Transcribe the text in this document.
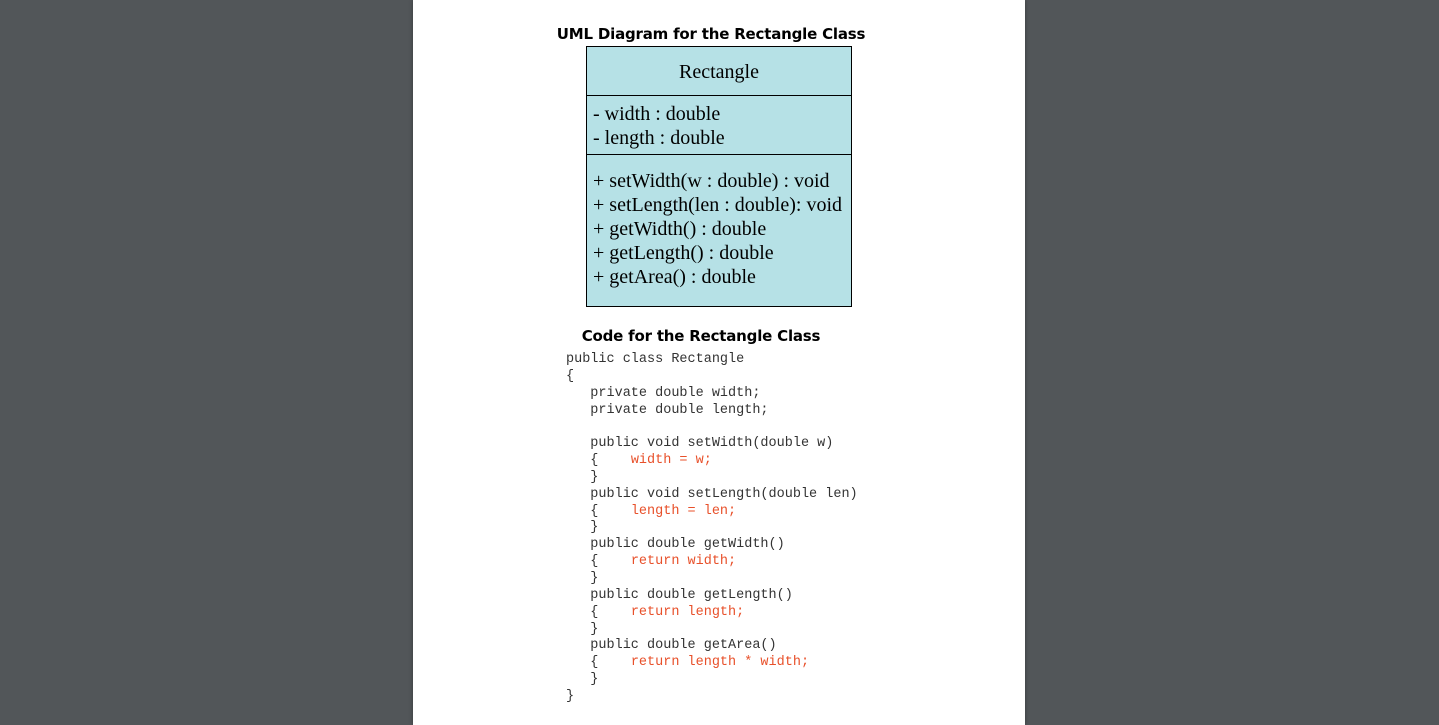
UML Diagram for the Rectangle Class
Rectangle
- width : double
- length : double
+ setWidth(w : double) : void
+ setLength(len : double): void
+ getWidth() : double
+ getLength() : double
+ getArea() : double
Code for the Rectangle Class
public class Rectangle
{
private double width;
private double length;
public void setWidth(double w)
{    width = w;
}
public void setLength(double len)
{    length = len;
}
public double getWidth()
{    return width;
}
public double getLength()
{    return length;
}
public double getArea()
{    return length * width;
}
}
